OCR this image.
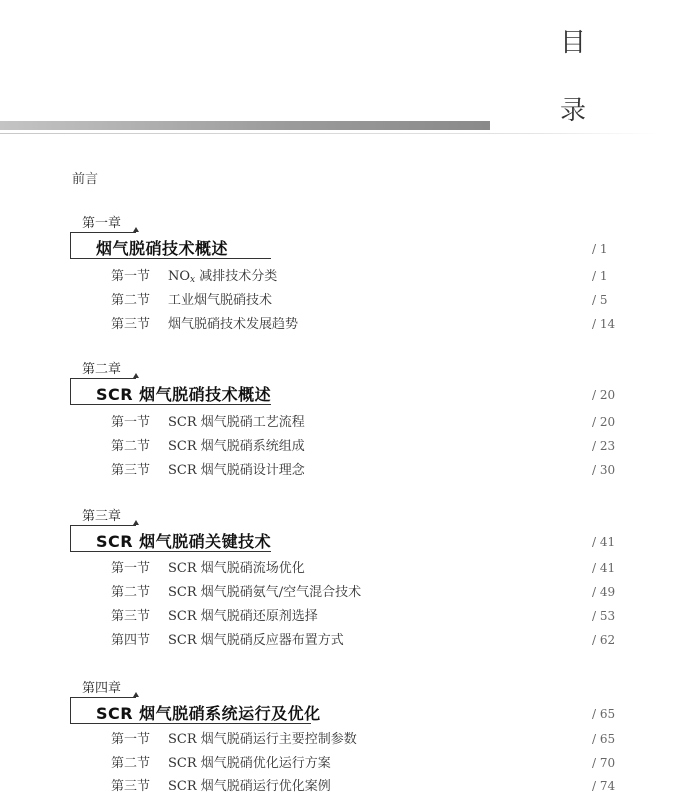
目
录
前言
第一章
烟气脱硝技术概述	/ 1
第一节 $NO_x$ 减排技术分类	/ 1
第二节 工业烟气脱硝技术	/ 5
第三节 烟气脱硝技术发展趋势	/ 14
第二章
SCR 烟气脱硝技术概述	/ 20
第一节 SCR 烟气脱硝工艺流程	/ 20
第二节 SCR 烟气脱硝系统组成	/ 23
第三节 SCR 烟气脱硝设计理念	/ 30
第三章
SCR 烟气脱硝关键技术	/ 41
第一节 SCR 烟气脱硝流场优化	/ 41
第二节 SCR 烟气脱硝氨气/空气混合技术	/ 49
第三节 SCR 烟气脱硝还原剂选择	/ 53
第四节 SCR 烟气脱硝反应器布置方式	/ 62
第四章
SCR 烟气脱硝系统运行及优化	/ 65
第一节 SCR 烟气脱硝运行主要控制参数	/ 65
第二节 SCR 烟气脱硝优化运行方案	/ 70
第三节 SCR 烟气脱硝运行优化案例	/ 74
